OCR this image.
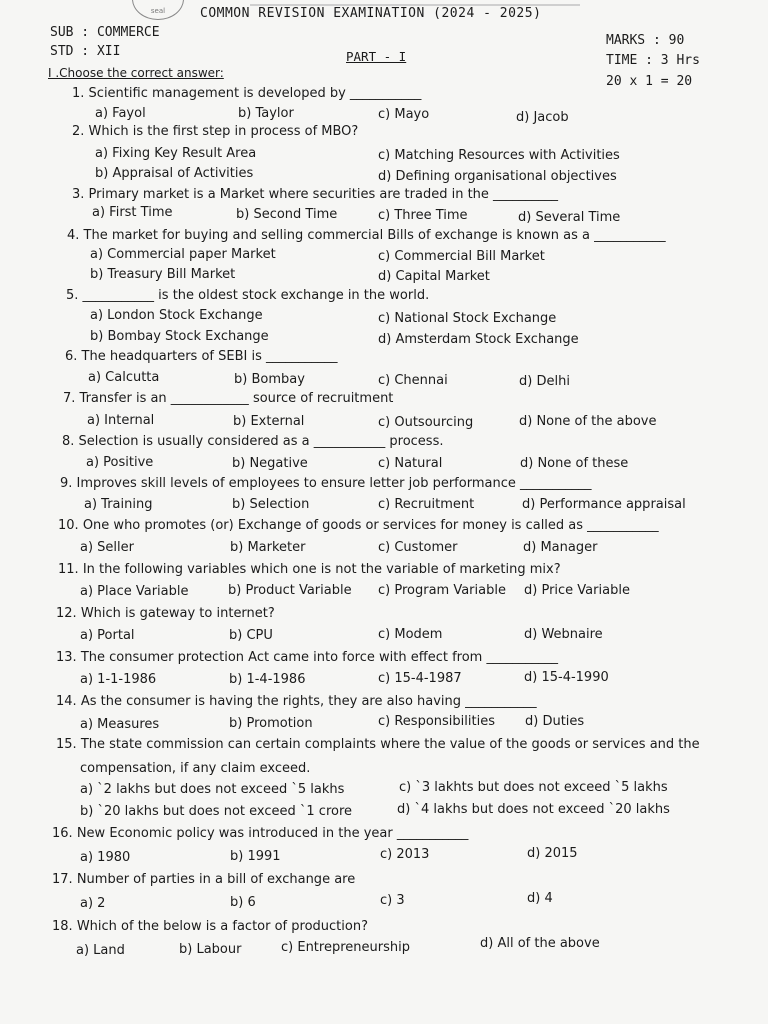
seal	COMMON REVISION EXAMINATION (2024 - 2025)
SUB : COMMERCE
STD : XII	PART - I
MARKS : 90
TIME : 3 Hrs
20 x 1 = 20
I .Choose the correct answer:
1. Scientific management is developed by ___________
a) Fayol	b) Taylor	c) Mayo	d) Jacob
2. Which is the first step in process of MBO?
a) Fixing Key Result Area	c) Matching Resources with Activities
b) Appraisal of Activities	d) Defining organisational objectives
3. Primary market is a Market where securities are traded in the __________
a) First Time	b) Second Time	c) Three Time	d) Several Time
4. The market for buying and selling commercial Bills of exchange is known as a ___________
a) Commercial paper Market	c) Commercial Bill Market
b) Treasury Bill Market	d) Capital Market
5. ___________ is the oldest stock exchange in the world.
a) London Stock Exchange	c) National Stock Exchange
b) Bombay Stock Exchange	d) Amsterdam Stock Exchange
6. The headquarters of SEBI is ___________
a) Calcutta	b) Bombay	c) Chennai	d) Delhi
7. Transfer is an ____________ source of recruitment
a) Internal	b) External	c) Outsourcing	d) None of the above
8. Selection is usually considered as a ___________ process.
a) Positive	b) Negative	c) Natural	d) None of these
9. Improves skill levels of employees to ensure letter job performance ___________
a) Training	b) Selection	c) Recruitment	d) Performance appraisal
10. One who promotes (or) Exchange of goods or services for money is called as ___________
a) Seller	b) Marketer	c) Customer	d) Manager
11. In the following variables which one is not the variable of marketing mix?
a) Place Variable	b) Product Variable c) Program Variable d) Price Variable
12. Which is gateway to internet?
a) Portal	b) CPU	c) Modem	d) Webnaire
13. The consumer protection Act came into force with effect from ___________
a) 1-1-1986	b) 1-4-1986	c) 15-4-1987	d) 15-4-1990
14. As the consumer is having the rights, they are also having ___________
a) Measures	b) Promotion	c) Responsibilities d) Duties
15. The state commission can certain complaints where the value of the goods or services and the
compensation, if any claim exceed.
a) `2 lakhs but does not exceed `5 lakhs	c) `3 lakhts but does not exceed `5 lakhs
b) `20 lakhs but does not exceed `1 crore	d) `4 lakhs but does not exceed `20 lakhs
16. New Economic policy was introduced in the year ___________
a) 1980	b) 1991	c) 2013	d) 2015
17. Number of parties in a bill of exchange are
a) 2	b) 6	c) 3	d) 4
18. Which of the below is a factor of production?
a) Land	b) Labour	c) Entrepreneurship	d) All of the above
